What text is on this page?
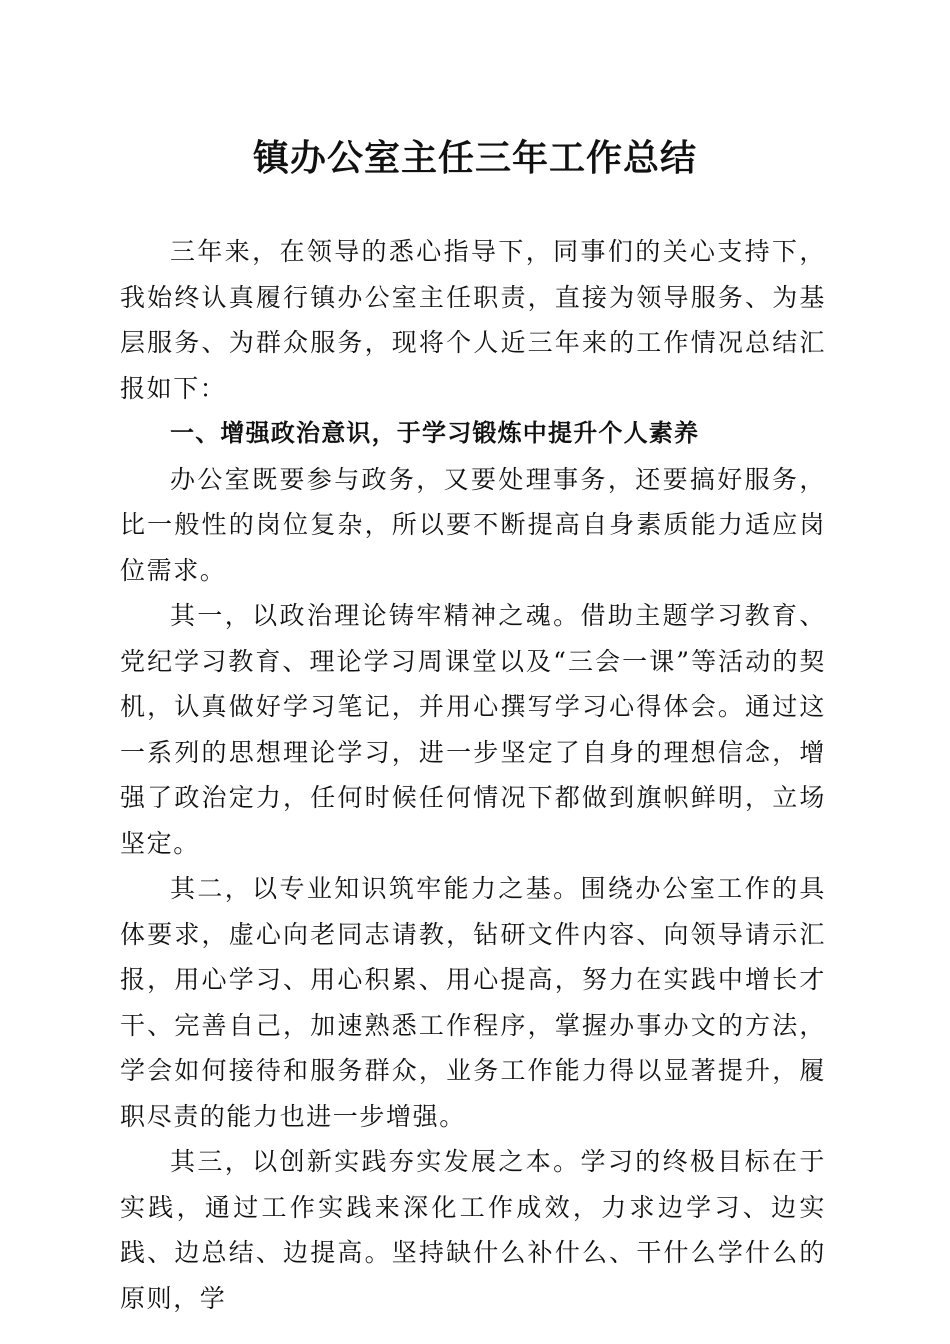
镇办公室主任三年工作总结

三年来，在领导的悉心指导下，同事们的关心支持下，我始终认真履行镇办公室主任职责，直接为领导服务、为基层服务、为群众服务，现将个人近三年来的工作情况总结汇报如下：

一、增强政治意识，于学习锻炼中提升个人素养

办公室既要参与政务，又要处理事务，还要搞好服务，比一般性的岗位复杂，所以要不断提高自身素质能力适应岗位需求。

其一，以政治理论铸牢精神之魂。借助主题学习教育、党纪学习教育、理论学习周课堂以及“三会一课”等活动的契机，认真做好学习笔记，并用心撰写学习心得体会。通过这一系列的思想理论学习，进一步坚定了自身的理想信念，增强了政治定力，任何时候任何情况下都做到旗帜鲜明，立场坚定。

其二，以专业知识筑牢能力之基。围绕办公室工作的具体要求，虚心向老同志请教，钻研文件内容、向领导请示汇报，用心学习、用心积累、用心提高，努力在实践中增长才干、完善自己，加速熟悉工作程序，掌握办事办文的方法，学会如何接待和服务群众，业务工作能力得以显著提升，履职尽责的能力也进一步增强。

其三，以创新实践夯实发展之本。学习的终极目标在于实践，通过工作实践来深化工作成效，力求边学习、边实践、边总结、边提高。坚持缺什么补什么、干什么学什么的原则，学
